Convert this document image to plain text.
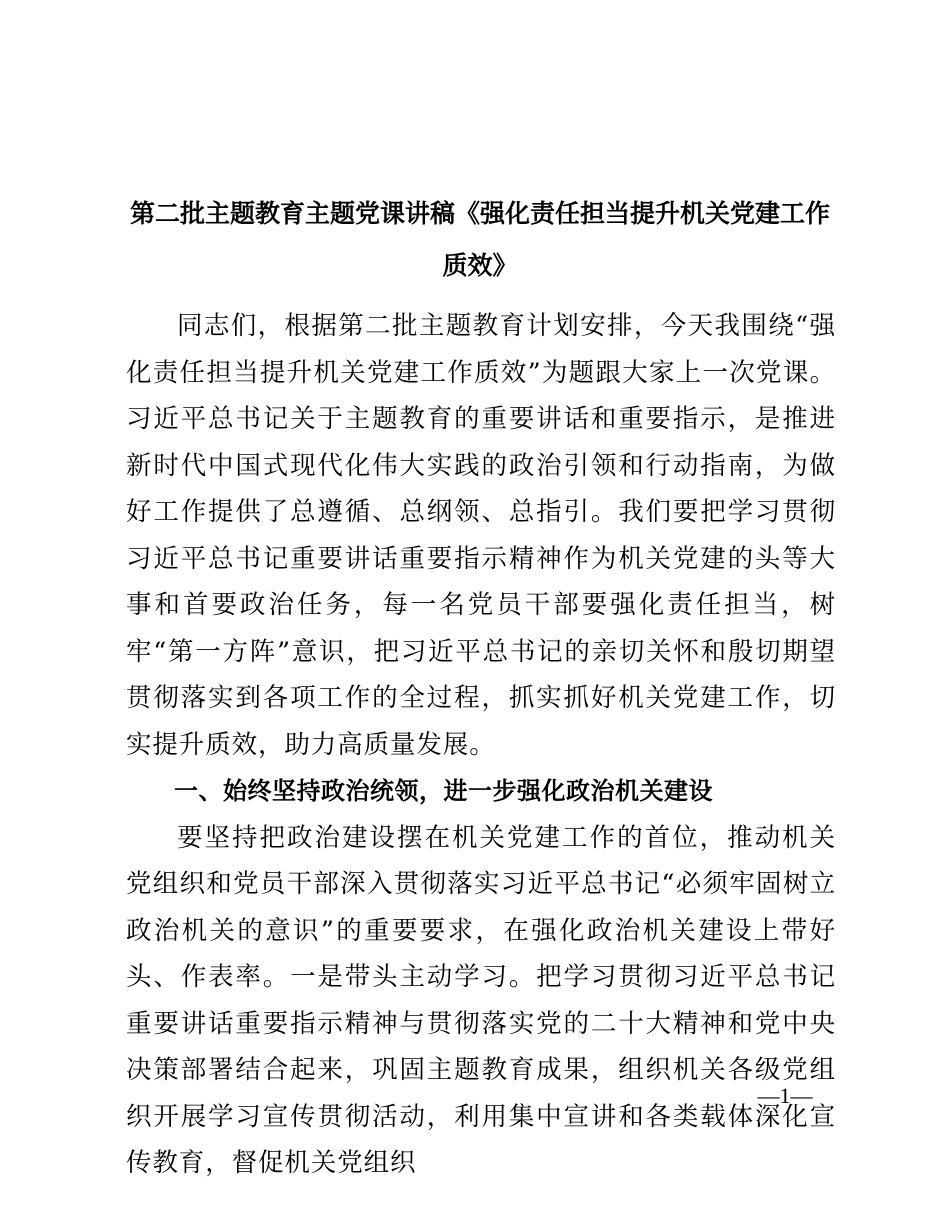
第二批主题教育主题党课讲稿《强化责任担当提升机关党建工作质效》

同志们，根据第二批主题教育计划安排，今天我围绕“强化责任担当提升机关党建工作质效”为题跟大家上一次党课。习近平总书记关于主题教育的重要讲话和重要指示，是推进新时代中国式现代化伟大实践的政治引领和行动指南，为做好工作提供了总遵循、总纲领、总指引。我们要把学习贯彻习近平总书记重要讲话重要指示精神作为机关党建的头等大事和首要政治任务，每一名党员干部要强化责任担当，树牢“第一方阵”意识，把习近平总书记的亲切关怀和殷切期望贯彻落实到各项工作的全过程，抓实抓好机关党建工作，切实提升质效，助力高质量发展。

一、始终坚持政治统领，进一步强化政治机关建设

要坚持把政治建设摆在机关党建工作的首位，推动机关党组织和党员干部深入贯彻落实习近平总书记“必须牢固树立政治机关的意识”的重要要求，在强化政治机关建设上带好头、作表率。一是带头主动学习。把学习贯彻习近平总书记重要讲话重要指示精神与贯彻落实党的二十大精神和党中央决策部署结合起来，巩固主题教育成果，组织机关各级党组织开展学习宣传贯彻活动，利用集中宣讲和各类载体深化宣传教育，督促机关党组织

—1—
